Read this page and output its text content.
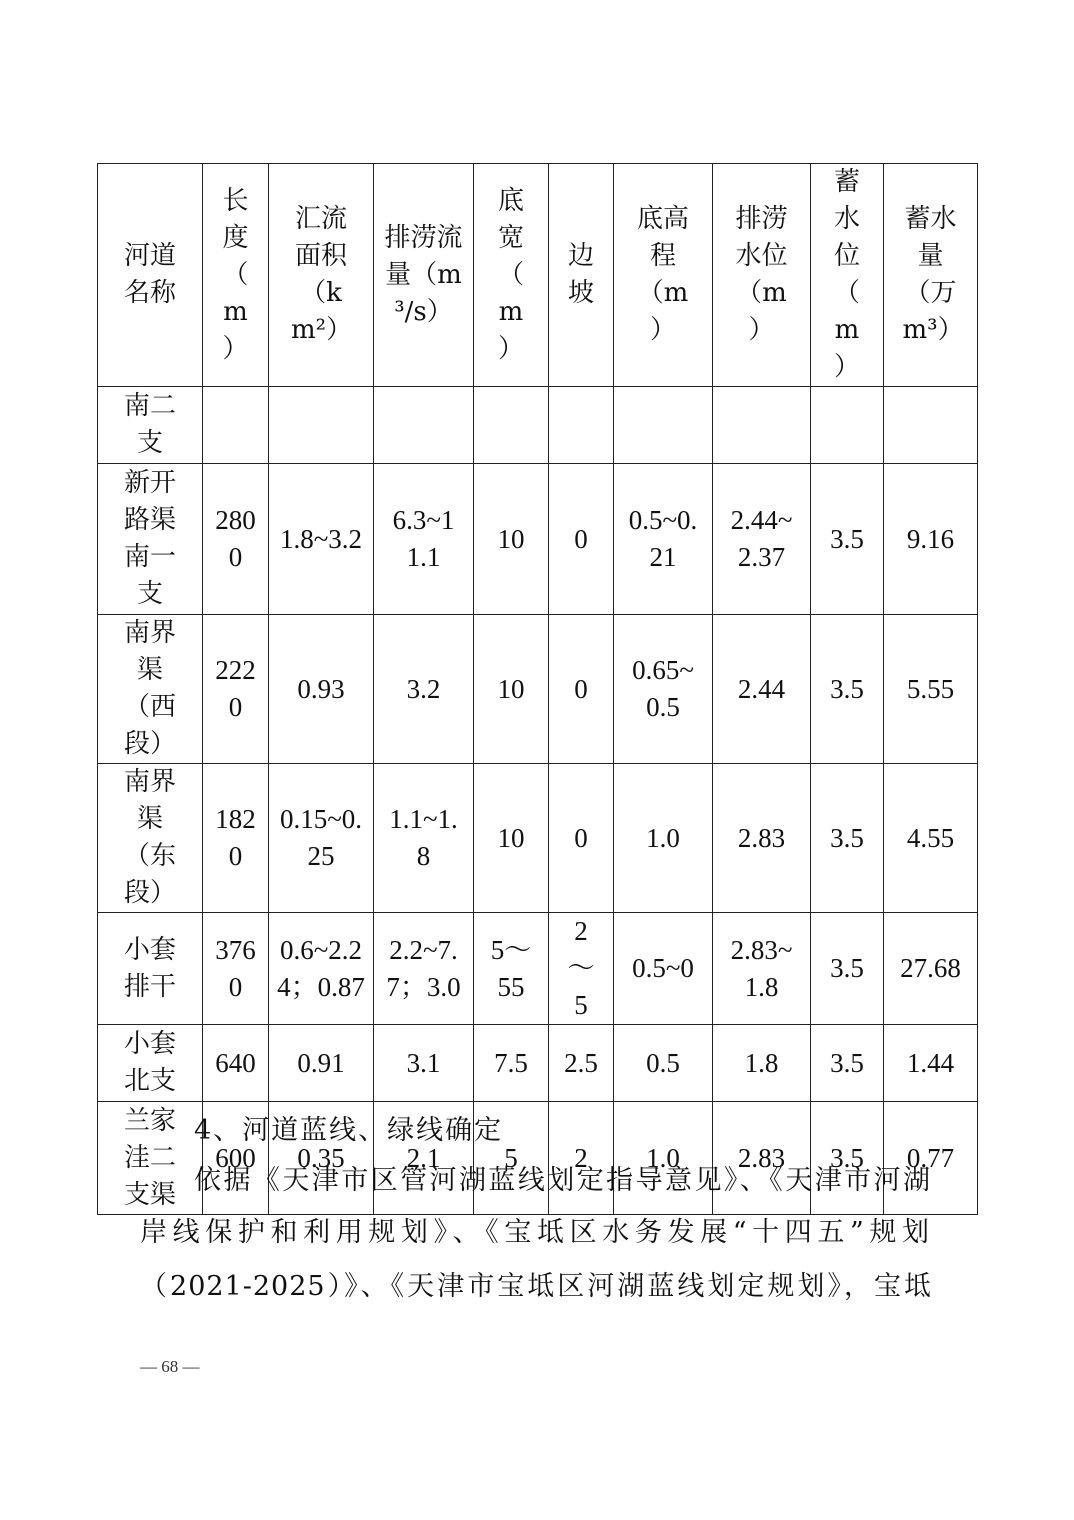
河道名称	长度（m）	汇流面积（km²）	排涝流量（m³/s）	底宽（m）	边坡	底高程（m）	排涝水位（m）	蓄水位（m）	蓄水量（万m³）

南二支									

新开路渠南一支	2800	1.8~3.2	6.3~11.1	10	0	0.5~0.21	2.44~2.37	3.5	9.16

南界渠（西段）	2220	0.93	3.2	10	0	0.65~0.5	2.44	3.5	5.55

南界渠（东段）	1820	0.15~0.25	1.1~1.8	10	0	1.0	2.83	3.5	4.55

小套排干	3760	0.6~2.24；0.87	2.2~7.7；3.0	5～55	2～5	0.5~0	2.83~1.8	3.5	27.68

小套北支	640	0.91	3.1	7.5	2.5	0.5	1.8	3.5	1.44

兰家洼二支渠	600	0.35	2.1	5	2	1.0	2.83	3.5	0.77
4、河道蓝线、绿线确定
依据《天津市区管河湖蓝线划定指导意见》、《天津市河湖
岸线保护和利用规划》、《宝坻区水务发展“十四五”规划
（2021-2025）》、《天津市宝坻区河湖蓝线划定规划》，宝坻
— 68 —
